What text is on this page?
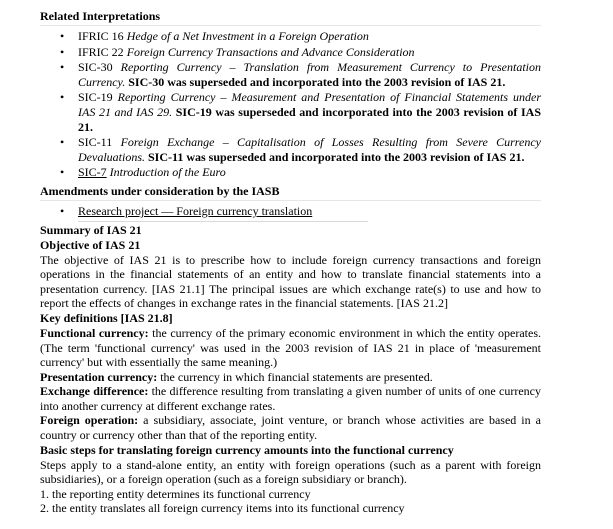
Related Interpretations
• IFRIC 16 Hedge of a Net Investment in a Foreign Operation
• IFRIC 22 Foreign Currency Transactions and Advance Consideration
• SIC-30 Reporting Currency – Translation from Measurement Currency to Presentation Currency. SIC-30 was superseded and incorporated into the 2003 revision of IAS 21.
• SIC-19 Reporting Currency – Measurement and Presentation of Financial Statements under IAS 21 and IAS 29. SIC-19 was superseded and incorporated into the 2003 revision of IAS 21.
• SIC-11 Foreign Exchange – Capitalisation of Losses Resulting from Severe Currency Devaluations. SIC-11 was superseded and incorporated into the 2003 revision of IAS 21.
• SIC-7 Introduction of the Euro
Amendments under consideration by the IASB
• Research project — Foreign currency translation
Summary of IAS 21
Objective of IAS 21

The objective of IAS 21 is to prescribe how to include foreign currency transactions and foreign operations in the financial statements of an entity and how to translate financial statements into a presentation currency. [IAS 21.1] The principal issues are which exchange rate(s) to use and how to report the effects of changes in exchange rates in the financial statements. [IAS 21.2]

Key definitions [IAS 21.8]

Functional currency: the currency of the primary economic environment in which the entity operates. (The term 'functional currency' was used in the 2003 revision of IAS 21 in place of 'measurement currency' but with essentially the same meaning.)

Presentation currency: the currency in which financial statements are presented.

Exchange difference: the difference resulting from translating a given number of units of one currency into another currency at different exchange rates.

Foreign operation: a subsidiary, associate, joint venture, or branch whose activities are based in a country or currency other than that of the reporting entity.

Basic steps for translating foreign currency amounts into the functional currency

Steps apply to a stand-alone entity, an entity with foreign operations (such as a parent with foreign subsidiaries), or a foreign operation (such as a foreign subsidiary or branch).

1. the reporting entity determines its functional currency

2. the entity translates all foreign currency items into its functional currency
